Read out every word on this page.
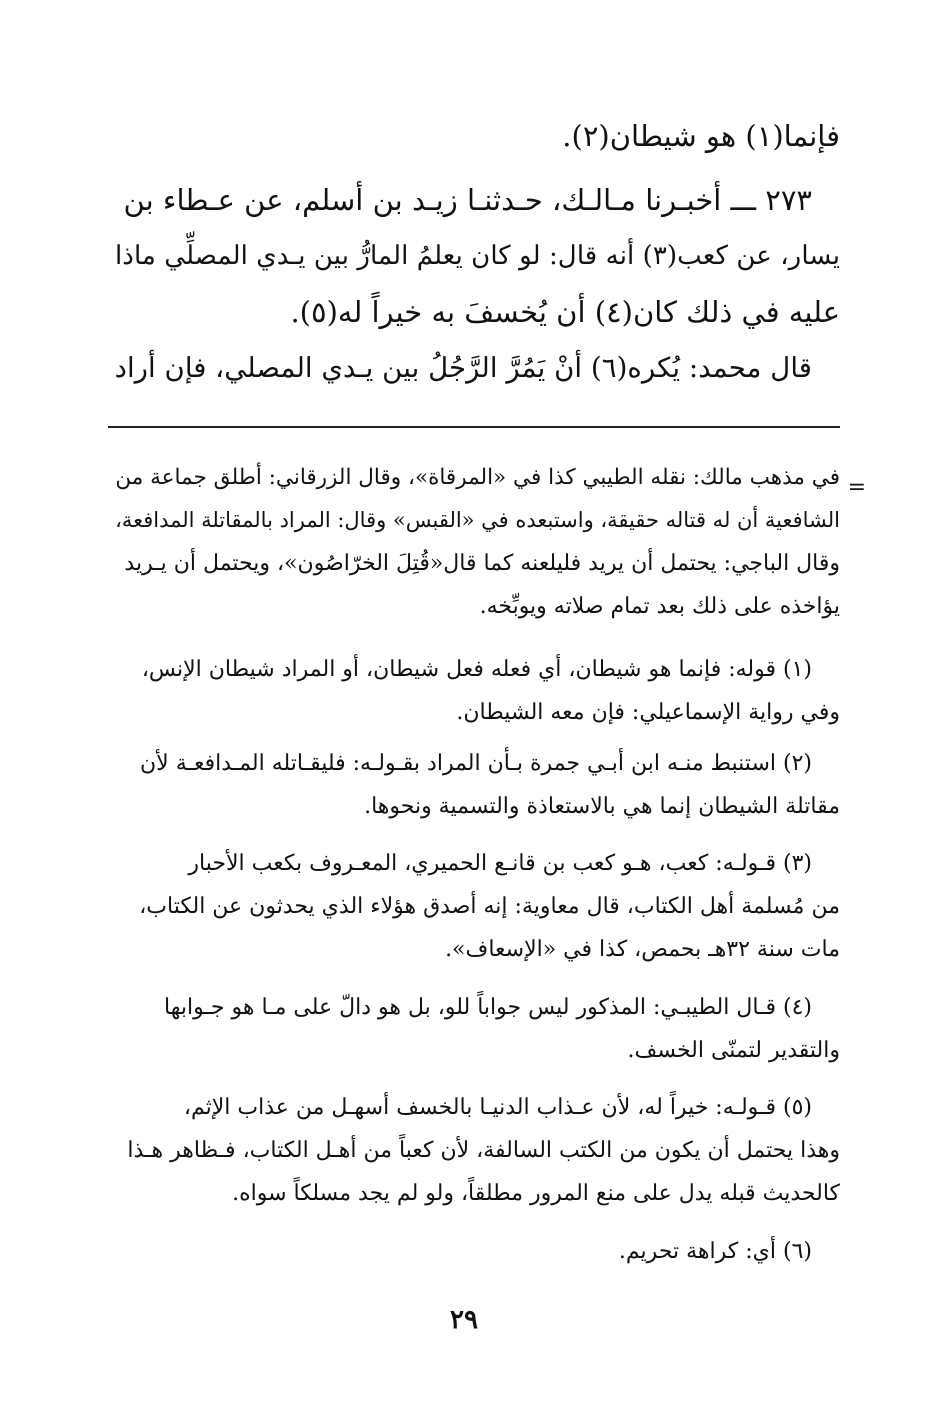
فإنما(١) هو شيطان(٢).
٢٧٣ ـــ أخبـرنا مـالـك، حـدثنـا زيـد بن أسلم، عن عـطاء بن
يسار، عن كعب(٣) أنه قال: لو كان يعلمُ المارُّ بين يـدي المصلِّي ماذا
عليه في ذلك كان(٤) أن يُخسفَ به خيراً له(٥).
قال محمد: يُكره(٦) أنْ يَمُرَّ الرَّجُلُ بين يـدي المصلي، فإن أراد
=
في مذهب مالك: نقله الطيبي كذا في «المرقاة»، وقال الزرقاني: أطلق جماعة من
الشافعية أن له قتاله حقيقة، واستبعده في «القبس» وقال: المراد بالمقاتلة المدافعة،
وقال الباجي: يحتمل أن يريد فليلعنه كما قال«قُتِلَ الخرّاصُون»، ويحتمل أن يـريد
يؤاخذه على ذلك بعد تمام صلاته ويوبِّخه.
(١) قوله: فإنما هو شيطان، أي فعله فعل شيطان، أو المراد شيطان الإنس،
وفي رواية الإسماعيلي: فإن معه الشيطان.
(٢) استنبط منـه ابن أبـي جمرة بـأن المراد بقـولـه: فليقـاتله المـدافعـة لأن
مقاتلة الشيطان إنما هي بالاستعاذة والتسمية ونحوها.
(٣) قـولـه: كعب، هـو كعب بن قانـع الحميري، المعـروف بكعب الأحبار
من مُسلمة أهل الكتاب، قال معاوية: إنه أصدق هؤلاء الذي يحدثون عن الكتاب،
مات سنة ٣٢هـ بحمص، كذا في «الإسعاف».
(٤) قـال الطيبـي: المذكور ليس جواباً للو، بل هو دالّ على مـا هو جـوابها
والتقدير لتمنّى الخسف.
(٥) قـولـه: خيراً له، لأن عـذاب الدنيـا بالخسف أسهـل من عذاب الإثم،
وهذا يحتمل أن يكون من الكتب السالفة، لأن كعباً من أهـل الكتاب، فـظاهر هـذا
كالحديث قبله يدل على منع المرور مطلقاً، ولو لم يجد مسلكاً سواه.
(٦) أي: كراهة تحريم.
٢٩
